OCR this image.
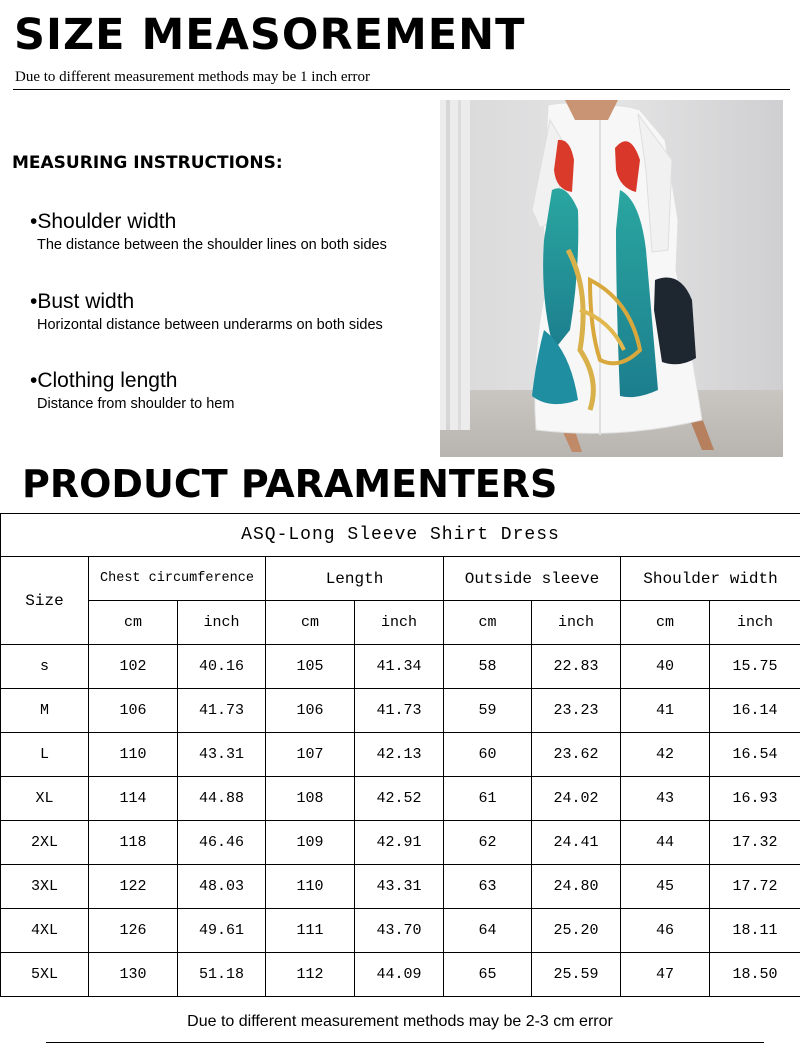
SIZE MEASOREMENT
Due to different measurement methods may be 1 inch error
MEASURING INSTRUCTIONS:
•Shoulder width
The distance between the shoulder lines on both sides
•Bust width
Horizontal distance between underarms on both sides
•Clothing length
Distance from shoulder to hem
PRODUCT PARAMENTERS
ASQ-Long Sleeve Shirt Dress								
Size	Chest circumference		Length		Outside sleeve		Shoulder width	
	cm	inch	cm	inch	cm	inch	cm	inch
s	102	40.16	105	41.34	58	22.83	40	15.75
M	106	41.73	106	41.73	59	23.23	41	16.14
L	110	43.31	107	42.13	60	23.62	42	16.54
XL	114	44.88	108	42.52	61	24.02	43	16.93
2XL	118	46.46	109	42.91	62	24.41	44	17.32
3XL	122	48.03	110	43.31	63	24.80	45	17.72
4XL	126	49.61	111	43.70	64	25.20	46	18.11
5XL	130	51.18	112	44.09	65	25.59	47	18.50
Due to different measurement methods may be 2-3 cm error
